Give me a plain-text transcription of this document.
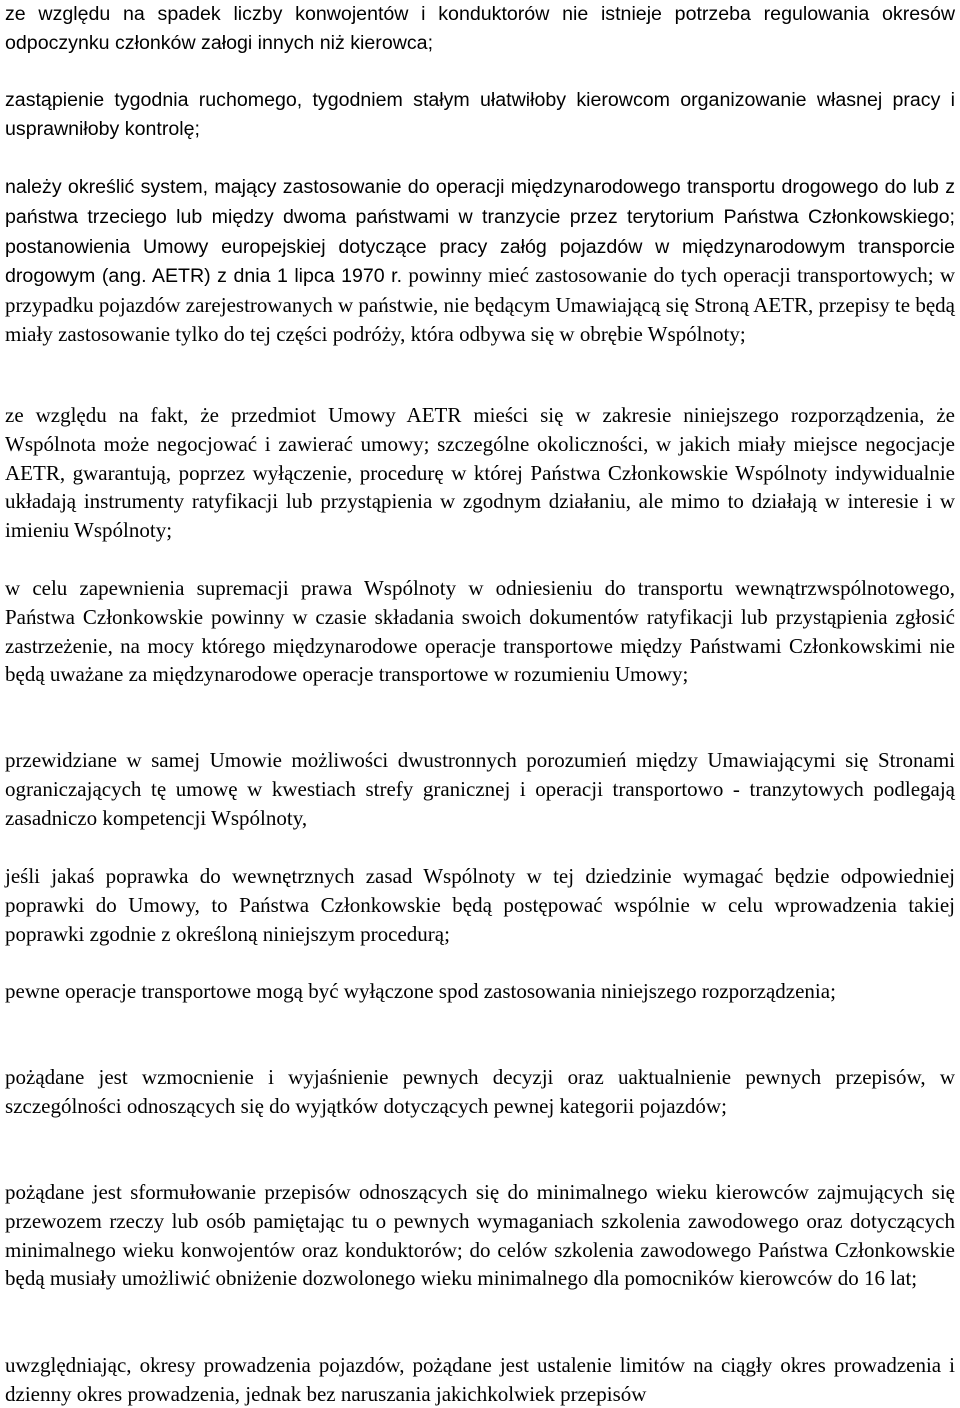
ze względu na spadek liczby konwojentów i konduktorów nie istnieje potrzeba regulowania okresów odpoczynku członków załogi innych niż kierowca;

zastąpienie tygodnia ruchomego, tygodniem stałym ułatwiłoby kierowcom organizowanie własnej pracy i usprawniłoby kontrolę;

należy określić system, mający zastosowanie do operacji międzynarodowego transportu drogowego do lub z państwa trzeciego lub między dwoma państwami w tranzycie przez terytorium Państwa Członkowskiego; postanowienia Umowy europejskiej dotyczące pracy załóg pojazdów w międzynarodowym transporcie drogowym (ang. AETR) z dnia 1 lipca 1970 r. powinny mieć zastosowanie do tych operacji transportowych; w przypadku pojazdów zarejestrowanych w państwie, nie będącym Umawiającą się Stroną AETR, przepisy te będą miały zastosowanie tylko do tej części podróży, która odbywa się w obrębie Wspólnoty;

ze względu na fakt, że przedmiot Umowy AETR mieści się w zakresie niniejszego rozporządzenia, że Wspólnota może negocjować i zawierać umowy; szczególne okoliczności, w jakich miały miejsce negocjacje AETR, gwarantują, poprzez wyłączenie, procedurę w której Państwa Członkowskie Wspólnoty indywidualnie układają instrumenty ratyfikacji lub przystąpienia w zgodnym działaniu, ale mimo to działają w interesie i w imieniu Wspólnoty;

w celu zapewnienia supremacji prawa Wspólnoty w odniesieniu do transportu wewnątrzwspólnotowego, Państwa Członkowskie powinny w czasie składania swoich dokumentów ratyfikacji lub przystąpienia zgłosić zastrzeżenie, na mocy którego międzynarodowe operacje transportowe między Państwami Członkowskimi nie będą uważane za międzynarodowe operacje transportowe w rozumieniu Umowy;

przewidziane w samej Umowie możliwości dwustronnych porozumień między Umawiającymi się Stronami ograniczających tę umowę w kwestiach strefy granicznej i operacji transportowo - tranzytowych podlegają zasadniczo kompetencji Wspólnoty,

jeśli jakaś poprawka do wewnętrznych zasad Wspólnoty w tej dziedzinie wymagać będzie odpowiedniej poprawki do Umowy, to Państwa Członkowskie będą postępować wspólnie w celu wprowadzenia takiej poprawki zgodnie z określoną niniejszym procedurą;

pewne operacje transportowe mogą być wyłączone spod zastosowania niniejszego rozporządzenia;

pożądane jest wzmocnienie i wyjaśnienie pewnych decyzji oraz uaktualnienie pewnych przepisów, w szczególności odnoszących się do wyjątków dotyczących pewnej kategorii pojazdów;

pożądane jest sformułowanie przepisów odnoszących się do minimalnego wieku kierowców zajmujących się przewozem rzeczy lub osób pamiętając tu o pewnych wymaganiach szkolenia zawodowego oraz dotyczących minimalnego wieku konwojentów oraz konduktorów; do celów szkolenia zawodowego Państwa Członkowskie będą musiały umożliwić obniżenie dozwolonego wieku minimalnego dla pomocników kierowców do 16 lat;

uwzględniając, okresy prowadzenia pojazdów, pożądane jest ustalenie limitów na ciągły okres prowadzenia i dzienny okres prowadzenia, jednak bez naruszania jakichkolwiek przepisów
